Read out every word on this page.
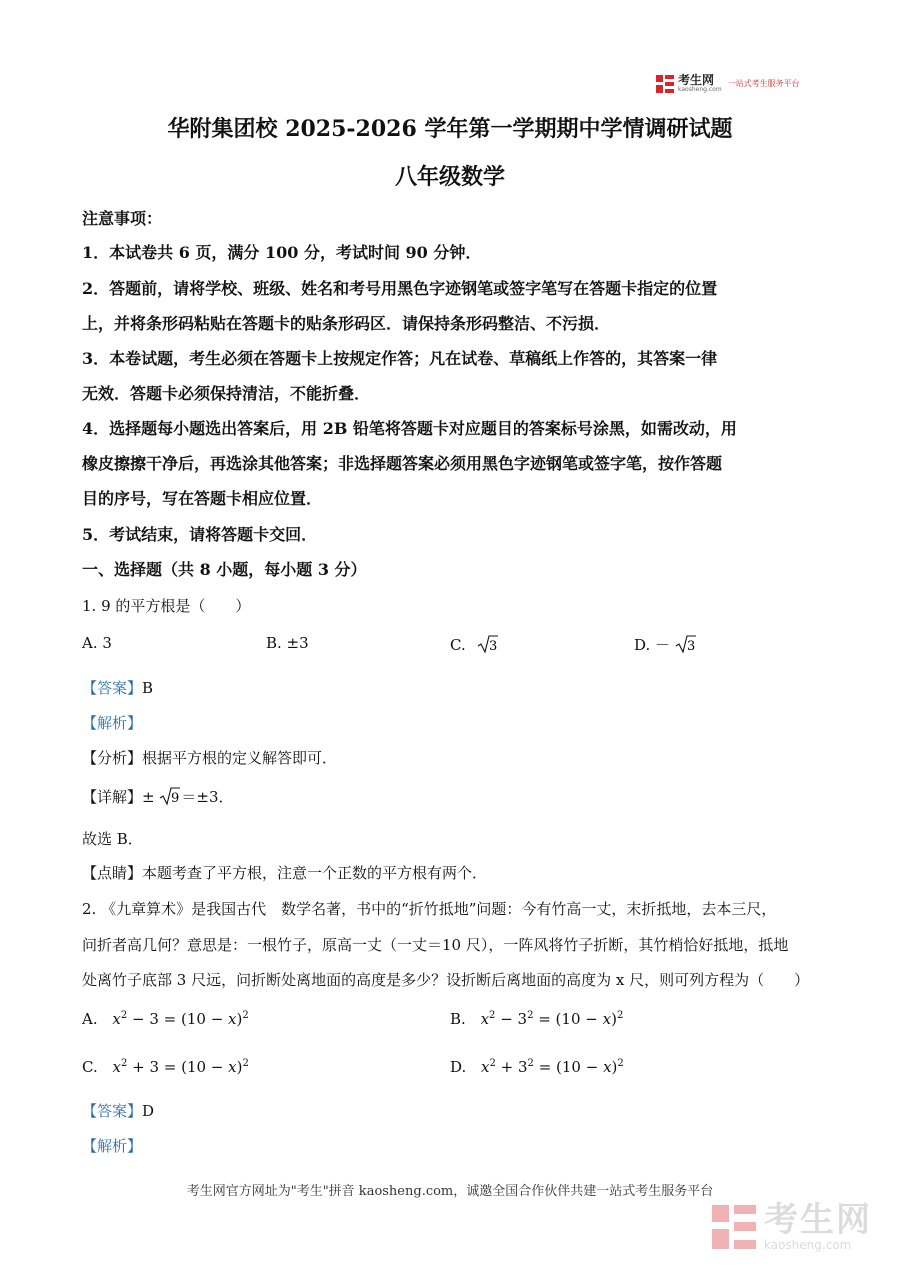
考生网
kaosheng.com
一站式考生服务平台
华附集团校 2025-2026 学年第一学期期中学情调研试题
八年级数学
注意事项：
1．本试卷共 6 页，满分 100 分，考试时间 90 分钟．
2．答题前，请将学校、班级、姓名和考号用黑色字迹钢笔或签字笔写在答题卡指定的位置
上，并将条形码粘贴在答题卡的贴条形码区．请保持条形码整洁、不污损．
3．本卷试题，考生必须在答题卡上按规定作答；凡在试卷、草稿纸上作答的，其答案一律
无效．答题卡必须保持清洁，不能折叠．
4．选择题每小题选出答案后，用 2B 铅笔将答题卡对应题目的答案标号涂黑，如需改动，用
橡皮擦擦干净后，再选涂其他答案；非选择题答案必须用黑色字迹钢笔或签字笔，按作答题
目的序号，写在答题卡相应位置．
5．考试结束，请将答题卡交回．
一、选择题（共 8 小题，每小题 3 分）
1. 9 的平方根是（　　）
A. 3	B. ±3	C. 3	D. － 3
【答案】B
【解析】
【分析】根据平方根的定义解答即可．
【详解】± 9 ＝±3．
故选 B．
【点睛】本题考查了平方根，注意一个正数的平方根有两个．
2. 《九章算术》是我国古代　数学名著，书中的“折竹抵地”问题：今有竹高一丈，末折抵地，去本三尺，
问折者高几何？意思是：一根竹子，原高一丈（一丈＝10 尺），一阵风将竹子折断，其竹梢恰好抵地，抵地
处离竹子底部 3 尺远，问折断处离地面的高度是多少？设折断后离地面的高度为 x 尺，则可列方程为（　　）
A. $x^2 - 3 = (10 - x)^2$	B. $x^2 - 3^2 = (10 - x)^2$
C. $x^2 + 3 = (10 - x)^2$	D. $x^2 + 3^2 = (10 - x)^2$
【答案】D
【解析】
考生网官方网址为"考生"拼音 kaosheng.com，诚邀全国合作伙伴共建一站式考生服务平台
考生网
kaosheng.com
